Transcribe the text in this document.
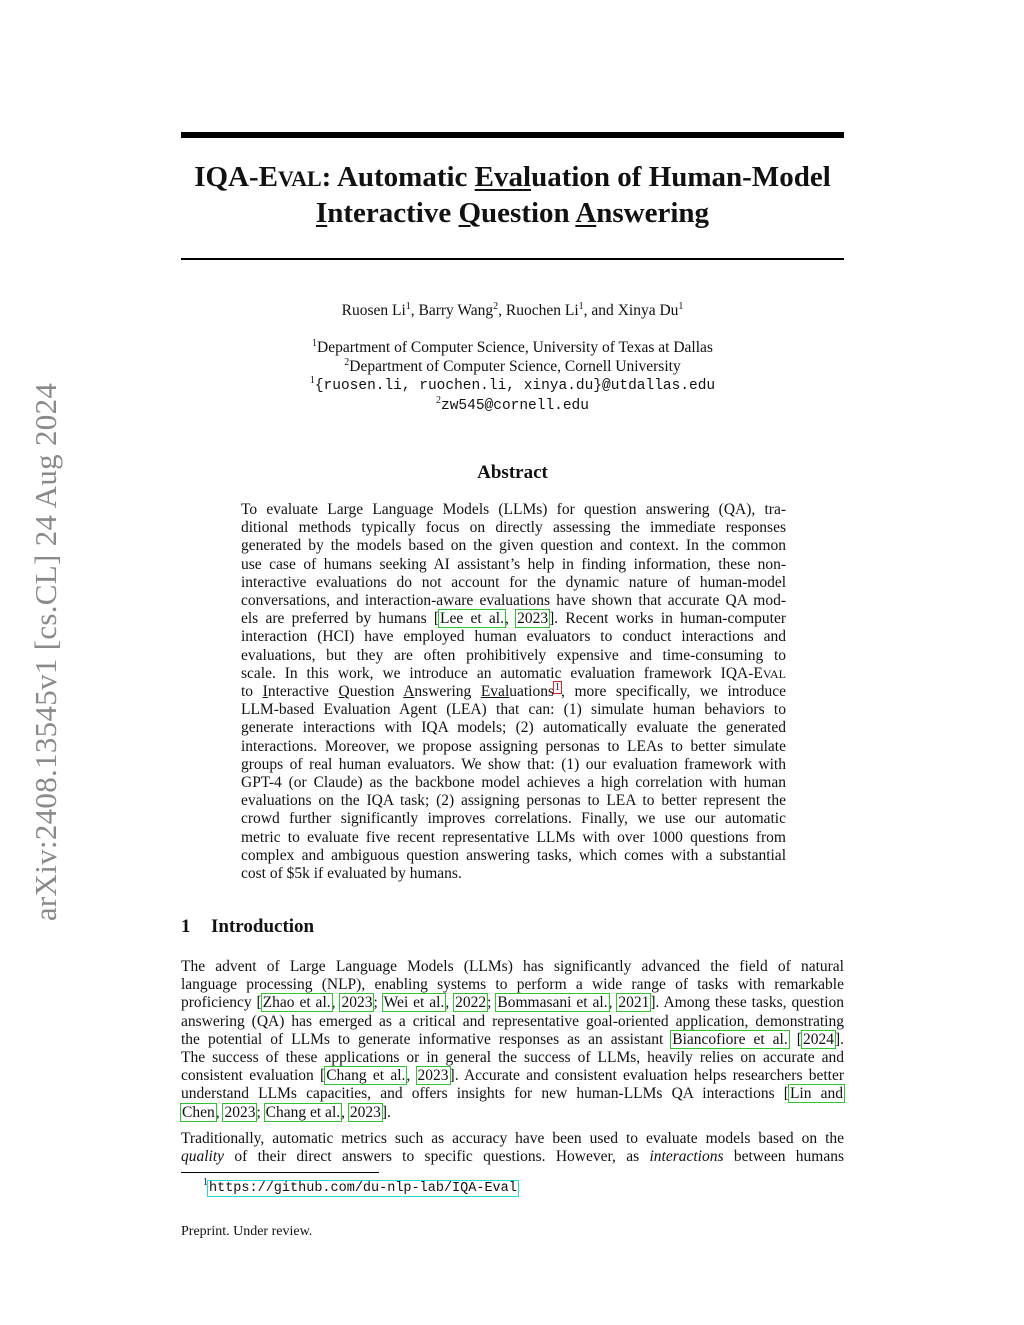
arXiv:2408.13545v1 [cs.CL] 24 Aug 2024
IQA-EVAL: Automatic Evaluation of Human-Model
Interactive Question Answering
Ruosen Li$^1$, Barry Wang$^2$, Ruochen Li$^1$, and Xinya Du$^1$
$^1$Department of Computer Science, University of Texas at Dallas
$^2$Department of Computer Science, Cornell University
$^1${ruosen.li, ruochen.li, xinya.du}@utdallas.edu
$^2$zw545@cornell.edu
Abstract
To evaluate Large Language Models (LLMs) for question answering (QA), tra-
ditional methods typically focus on directly assessing the immediate responses
generated by the models based on the given question and context. In the common
use case of humans seeking AI assistant’s help in finding information, these non-
interactive evaluations do not account for the dynamic nature of human-model
conversations, and interaction-aware evaluations have shown that accurate QA mod-
els are preferred by humans [Lee et al., 2023]. Recent works in human-computer
interaction (HCI) have employed human evaluators to conduct interactions and
evaluations, but they are often prohibitively expensive and time-consuming to
scale. In this work, we introduce an automatic evaluation framework IQA-EVAL
to Interactive Question Answering Evaluations$^1$, more specifically, we introduce
LLM-based Evaluation Agent (LEA) that can: (1) simulate human behaviors to
generate interactions with IQA models; (2) automatically evaluate the generated
interactions. Moreover, we propose assigning personas to LEAs to better simulate
groups of real human evaluators. We show that: (1) our evaluation framework with
GPT-4 (or Claude) as the backbone model achieves a high correlation with human
evaluations on the IQA task; (2) assigning personas to LEA to better represent the
crowd further significantly improves correlations. Finally, we use our automatic
metric to evaluate five recent representative LLMs with over 1000 questions from
complex and ambiguous question answering tasks, which comes with a substantial
cost of $5k if evaluated by humans.
1 Introduction
The advent of Large Language Models (LLMs) has significantly advanced the field of natural
language processing (NLP), enabling systems to perform a wide range of tasks with remarkable
proficiency [Zhao et al., 2023; Wei et al., 2022; Bommasani et al., 2021]. Among these tasks, question
answering (QA) has emerged as a critical and representative goal-oriented application, demonstrating
the potential of LLMs to generate informative responses as an assistant Biancofiore et al. [2024].
The success of these applications or in general the success of LLMs, heavily relies on accurate and
consistent evaluation [Chang et al., 2023]. Accurate and consistent evaluation helps researchers better
understand LLMs capacities, and offers insights for new human-LLMs QA interactions [Lin and
Chen, 2023; Chang et al., 2023].
Traditionally, automatic metrics such as accuracy have been used to evaluate models based on the
quality of their direct answers to specific questions. However, as interactions between humans
$^1$https://github.com/du-nlp-lab/IQA-Eval
Preprint. Under review.
